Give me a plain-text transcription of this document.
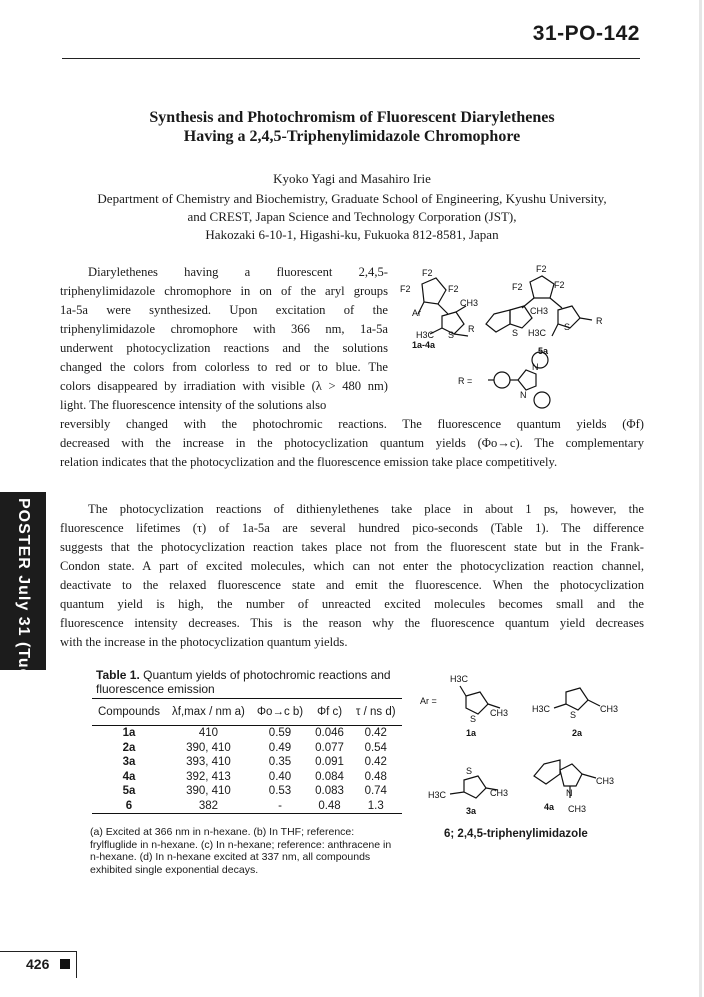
31-PO-142
Synthesis and Photochromism of Fluorescent Diarylethenes
Having a 2,4,5-Triphenylimidazole Chromophore
Kyoko Yagi and Masahiro Irie
Department of Chemistry and Biochemistry, Graduate School of Engineering, Kyushu University,
and CREST, Japan Science and Technology Corporation (JST),
Hakozaki 6-10-1, Higashi-ku, Fukuoka 812-8581, Japan
Diarylethenes having a fluorescent 2,4,5-
triphenylimidazole chromophore in on of the aryl groups
1a-5a were synthesized. Upon excitation of the
triphenylimidazole chromophore with 366 nm, 1a-5a
underwent photocyclization reactions and the solutions
changed the colors from colorless to red or to blue. The
colors disappeared by irradiation with visible (λ > 480 nm)
light. The fluorescence intensity of the solutions also
reversibly changed with the photochromic reactions. The fluorescence quantum yields (Φf)
decreased with the increase in the photocyclization quantum yields (Φo→c). The complementary
relation indicates that the photocyclization and the fluorescence emission take place competitively.
F2
F2	F2
CH3
Ar
H3C S
R
1a-4a
F2
F2	F2
CH3
S H3C
S
R
5a
R =
N
N
The photocyclization reactions of dithienylethenes take place in about 1 ps, however, the
fluorescence lifetimes (τ) of 1a-5a are several hundred pico-seconds (Table 1). The difference
suggests that the photocyclization reaction takes place not from the fluorescent state but in the Frank-
Condon state. A part of excited molecules, which can not enter the photocyclization reaction channel,
deactivate to the relaxed fluorescence state and emit the fluorescence. When the photocyclization
quantum yield is high, the number of unreacted excited molecules becomes small and the
fluorescence intensity decreases. This is the reason why the fluorescence quantum yield decreases
with the increase in the photocyclization quantum yields.
Table 1. Quantum yields of photochromic reactions and
fluorescence emission
Compounds	λf,max / nm a)	Φo→c b)	Φf c)	τ / ns d)
1a	410	0.59	0.046	0.42
2a	390, 410	0.49	0.077	0.54
3a	393, 410	0.35	0.091	0.42
4a	392, 413	0.40	0.084	0.48
5a	390, 410	0.53	0.083	0.74
6	382	-	0.48	1.3
(a) Excited at 366 nm in n-hexane. (b) In THF; reference:
frylfluglide in n-hexane. (c) In n-hexane; reference: anthracene in
n-hexane. (d) In n-hexane excited at 337 nm, all compounds
exhibited single exponential decays.
Ar =
H3C
S
CH3
1a
H3C
S
CH3
2a
S
H3C	CH3
3a
N
CH3
CH3
4a
6; 2,4,5-triphenylimidazole
POSTER July 31 (Tue)
426
